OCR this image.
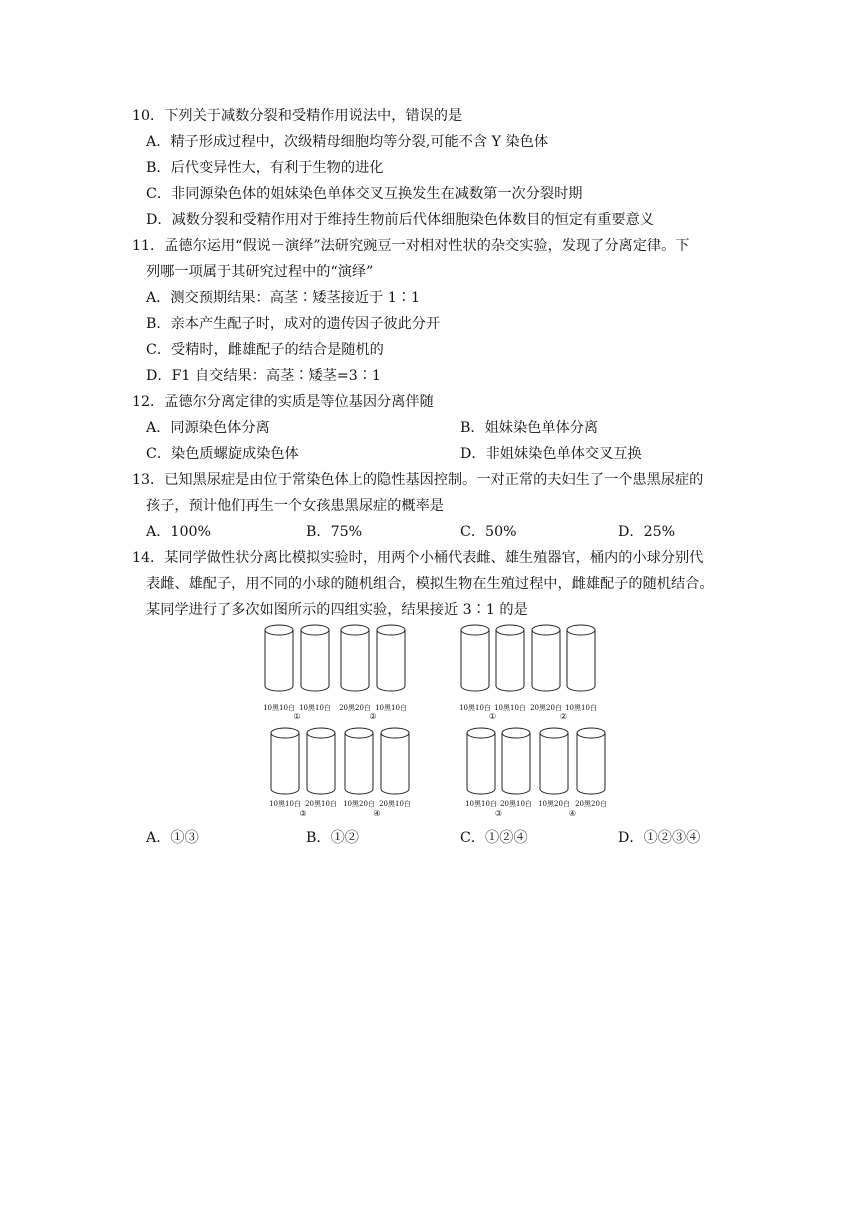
10．下列关于减数分裂和受精作用说法中，错误的是
A．精子形成过程中，次级精母细胞均等分裂,可能不含 Y 染色体
B．后代变异性大，有利于生物的进化
C．非同源染色体的姐妹染色单体交叉互换发生在减数第一次分裂时期
D．减数分裂和受精作用对于维持生物前后代体细胞染色体数目的恒定有重要意义
11．孟德尔运用“假说－演绎”法研究豌豆一对相对性状的杂交实验，发现了分离定律。下
列哪一项属于其研究过程中的“演绎”
A．测交预期结果：高茎∶矮茎接近于 1∶1
B．亲本产生配子时，成对的遗传因子彼此分开
C．受精时，雌雄配子的结合是随机的
D．F1 自交结果：高茎∶矮茎=3∶1
12．孟德尔分离定律的实质是等位基因分离伴随
A．同源染色体分离	B．姐妹染色单体分离
C．染色质螺旋成染色体	D．非姐妹染色单体交叉互换
13．已知黑尿症是由位于常染色体上的隐性基因控制。一对正常的夫妇生了一个患黑尿症的
孩子，预计他们再生一个女孩患黑尿症的概率是
A．100%	B．75%	C．50%	D．25%
14．某同学做性状分离比模拟实验时，用两个小桶代表雌、雄生殖器官，桶内的小球分别代
表雌、雄配子，用不同的小球的随机组合，模拟生物在生殖过程中，雌雄配子的随机结合。
某同学进行了多次如图所示的四组实验，结果接近 3∶1 的是
10黑10白 10黑10白 20黑20白 10黑10白
①	②
10黑10白 20黑10白 10黑20白 20黑10白
③	④
10黑10白 10黑10白 20黑20白 10黑10白
①	②
10黑10白 20黑10白 10黑20白 20黑20白
③	④
A．①③	B．①②	C．①②④	D．①②③④
